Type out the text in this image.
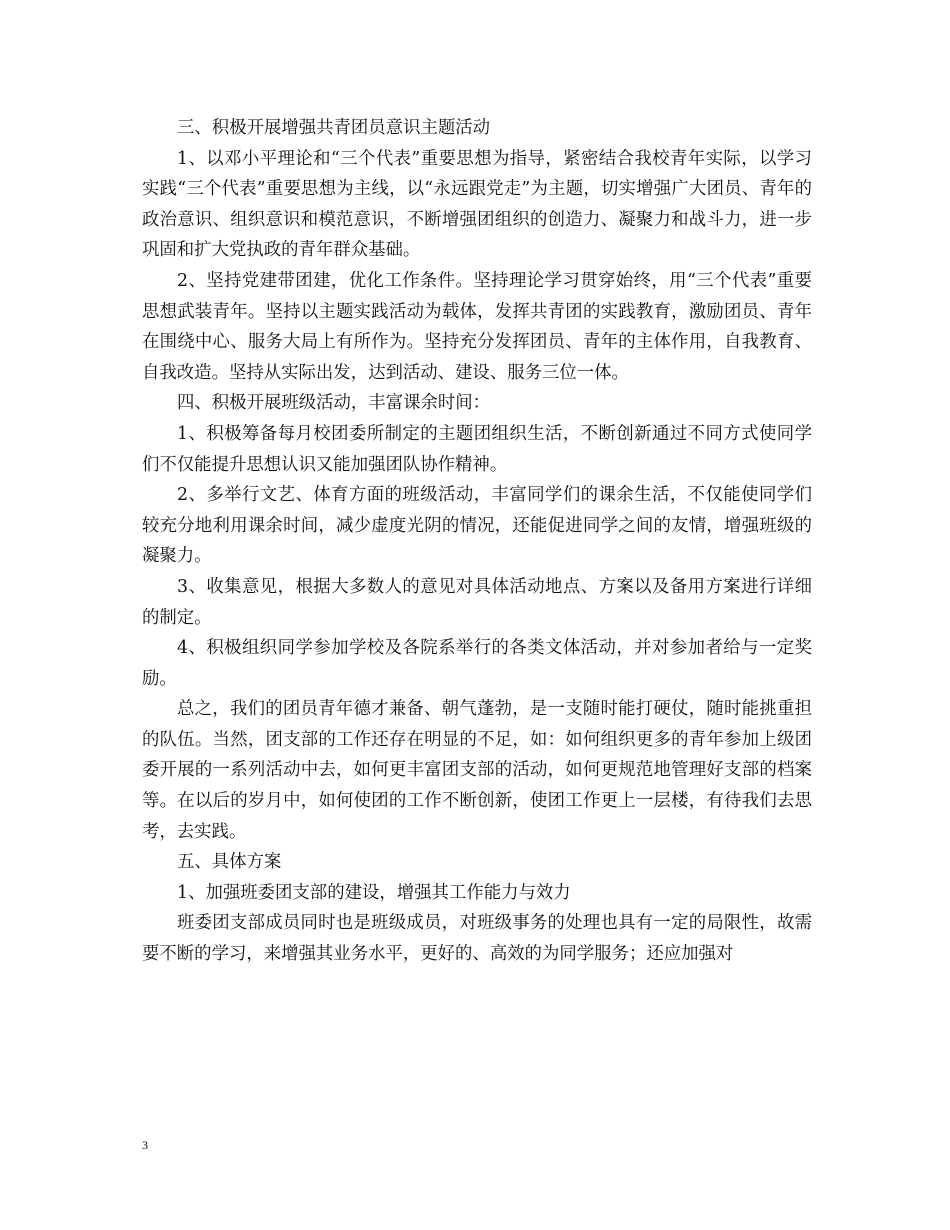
三、积极开展增强共青团员意识主题活动

1、以邓小平理论和“三个代表”重要思想为指导，紧密结合我校青年实际，以学习实践“三个代表”重要思想为主线，以“永远跟党走”为主题，切实增强广大团员、青年的政治意识、组织意识和模范意识，不断增强团组织的创造力、凝聚力和战斗力，进一步巩固和扩大党执政的青年群众基础。

2、坚持党建带团建，优化工作条件。坚持理论学习贯穿始终，用“三个代表”重要思想武装青年。坚持以主题实践活动为载体，发挥共青团的实践教育，激励团员、青年在围绕中心、服务大局上有所作为。坚持充分发挥团员、青年的主体作用，自我教育、自我改造。坚持从实际出发，达到活动、建设、服务三位一体。

四、积极开展班级活动，丰富课余时间：

1、积极筹备每月校团委所制定的主题团组织生活，不断创新通过不同方式使同学们不仅能提升思想认识又能加强团队协作精神。

2、多举行文艺、体育方面的班级活动，丰富同学们的课余生活，不仅能使同学们较充分地利用课余时间，减少虚度光阴的情况，还能促进同学之间的友情，增强班级的凝聚力。

3、收集意见，根据大多数人的意见对具体活动地点、方案以及备用方案进行详细的制定。

4、积极组织同学参加学校及各院系举行的各类文体活动，并对参加者给与一定奖励。

总之，我们的团员青年德才兼备、朝气蓬勃，是一支随时能打硬仗，随时能挑重担的队伍。当然，团支部的工作还存在明显的不足，如：如何组织更多的青年参加上级团委开展的一系列活动中去，如何更丰富团支部的活动，如何更规范地管理好支部的档案等。在以后的岁月中，如何使团的工作不断创新，使团工作更上一层楼，有待我们去思考，去实践。

五、具体方案

1、加强班委团支部的建设，增强其工作能力与效力

班委团支部成员同时也是班级成员，对班级事务的处理也具有一定的局限性，故需要不断的学习，来增强其业务水平，更好的、高效的为同学服务；还应加强对

3
